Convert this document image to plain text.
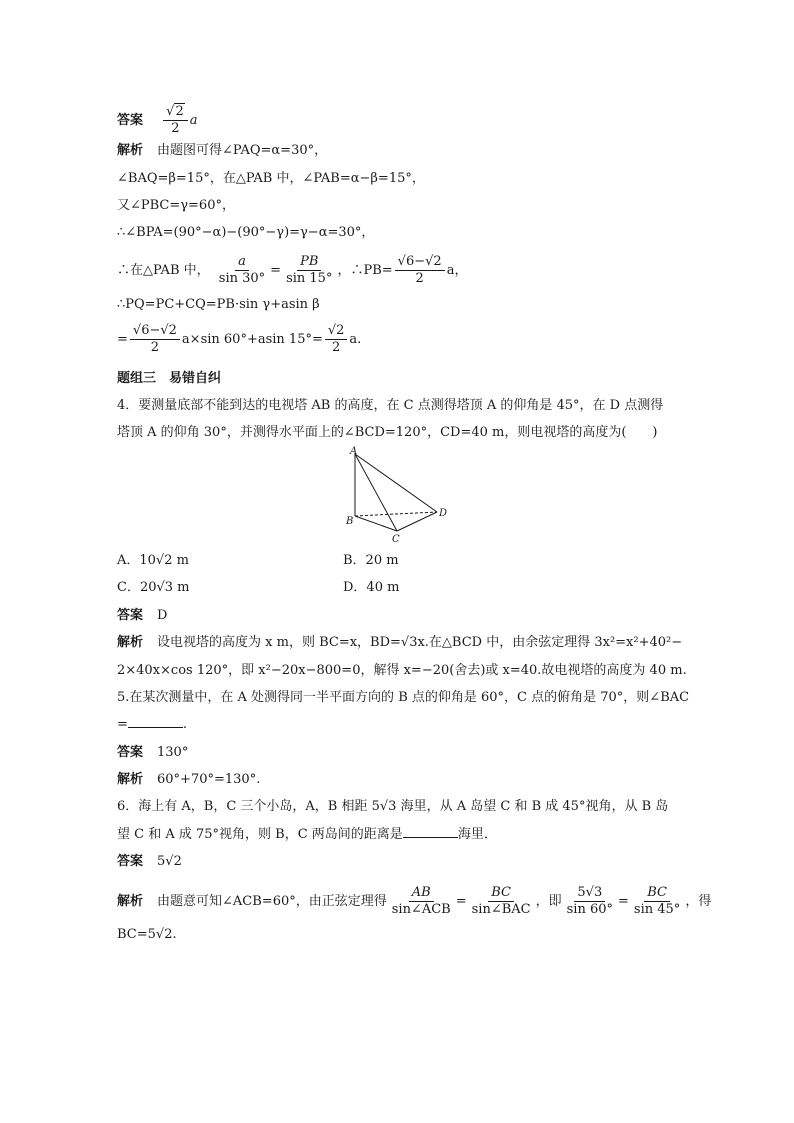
答案 $\frac{√2}{2}$ a
解析 由题图可得∠PAQ=α=30°，
∠BAQ=β=15°，在△PAB 中，∠PAB=α−β=15°，
又∠PBC=γ=60°，
∴∠BPA=(90°−α)−(90°−γ)=γ−α=30°，
∴在△PAB 中， $\frac{a}{\sin 30^\circ} = \frac{PB}{\sin 15^\circ}$ ，∴PB= $\frac{√6-√2}{2}$ a，
∴PQ=PC+CQ=PB·sin γ+asin β
= $\frac{√6-√2}{2} a\times\sin$ 60°+asin $15^\circ= \frac{√2}{2} a$.
题组三　易错自纠
4．要测量底部不能到达的电视塔 AB 的高度，在 C 点测得塔顶 A 的仰角是 45°，在 D 点测得
塔顶 A 的仰角 30°，并测得水平面上的∠BCD=120°，CD=40 m，则电视塔的高度为(　　)
A
B
C
D
A．10√2 m	B．20 m
C．20√3 m	D．40 m
答案 D
解析 设电视塔的高度为 x m，则 BC=x，BD=√3x.在△BCD 中，由余弦定理得 3x²=x²+40²−
2×40x×cos 120°，即 x²−20x−800=0，解得 x=−20(舍去)或 x=40.故电视塔的高度为 40 m.
5.在某次测量中，在 A 处测得同一半平面方向的 B 点的仰角是 60°，C 点的俯角是 70°，则∠BAC
=	.
答案 130°
解析 60°+70°=130°.
6．海上有 A，B，C 三个小岛，A，B 相距 5√3 海里，从 A 岛望 C 和 B 成 45°视角，从 B 岛
望 C 和 A 成 75°视角，则 B，C 两岛间的距离是	海里．
答案 5√2
解析 由题意可知∠ACB=60°，由正弦定理得 $\frac{AB}{\text{sin∠ACB}} = \frac{BC}{\text{sin∠BAC}}$ ，即 $\frac{5√3}{\sin 60^\circ} = \frac{BC}{\sin 45^\circ}$ ，得
BC=5√2.
